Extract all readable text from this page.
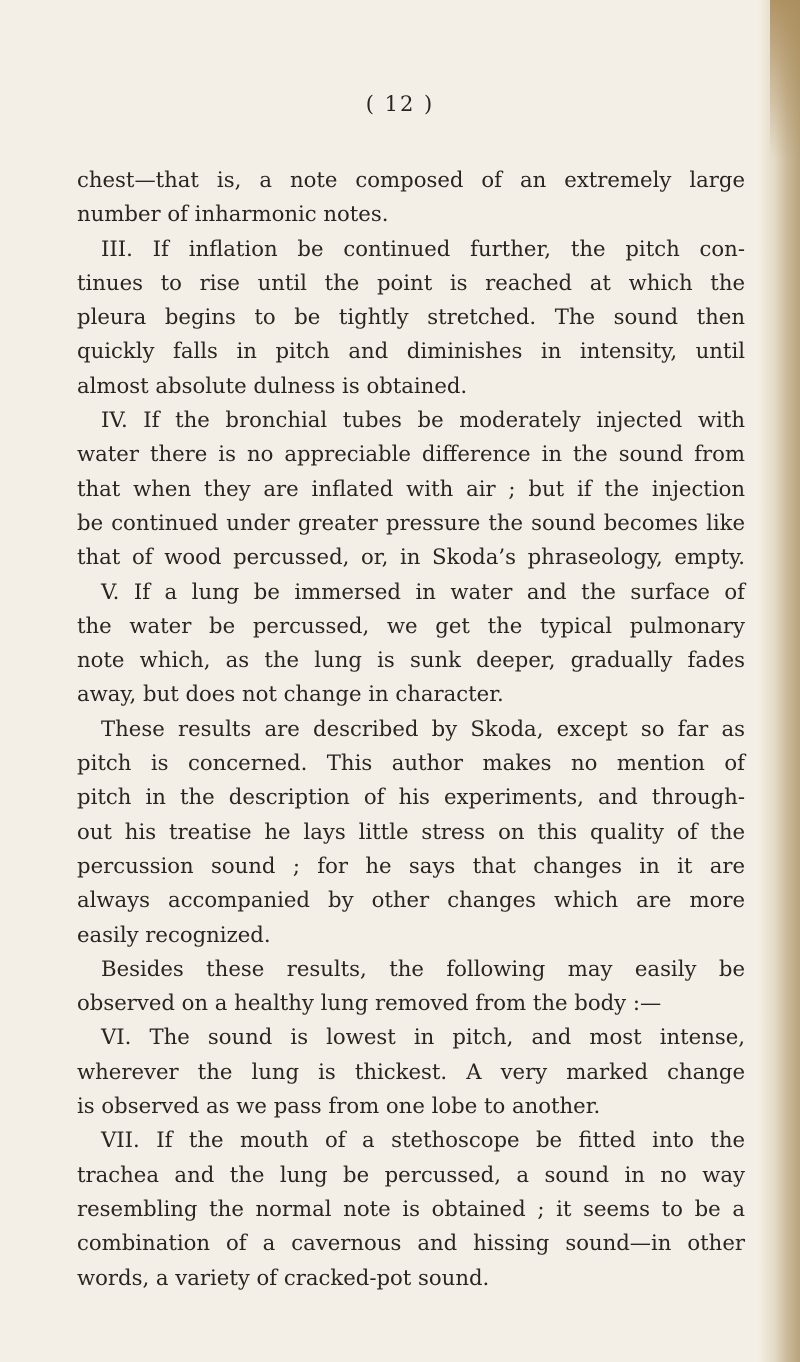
( 12 )
chest—that is, a note composed of an extremely large
number of inharmonic notes.
III. If inflation be continued further, the pitch con-
tinues to rise until the point is reached at which the
pleura begins to be tightly stretched. The sound then
quickly falls in pitch and diminishes in intensity, until
almost absolute dulness is obtained.
IV. If the bronchial tubes be moderately injected with
water there is no appreciable difference in the sound from
that when they are inflated with air ; but if the injection
be continued under greater pressure the sound becomes like
that of wood percussed, or, in Skoda’s phraseology, empty.
V. If a lung be immersed in water and the surface of
the water be percussed, we get the typical pulmonary
note which, as the lung is sunk deeper, gradually fades
away, but does not change in character.
These results are described by Skoda, except so far as
pitch is concerned. This author makes no mention of
pitch in the description of his experiments, and through-
out his treatise he lays little stress on this quality of the
percussion sound ; for he says that changes in it are
always accompanied by other changes which are more
easily recognized.
Besides these results, the following may easily be
observed on a healthy lung removed from the body :—
VI. The sound is lowest in pitch, and most intense,
wherever the lung is thickest. A very marked change
is observed as we pass from one lobe to another.
VII. If the mouth of a stethoscope be fitted into the
trachea and the lung be percussed, a sound in no way
resembling the normal note is obtained ; it seems to be a
combination of a cavernous and hissing sound—in other
words, a variety of cracked-pot sound.
